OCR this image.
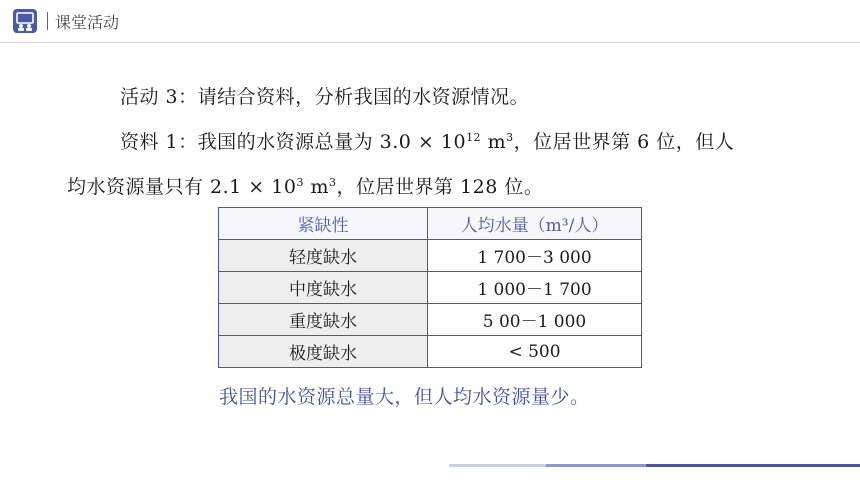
课堂活动
活动 3：请结合资料，分析我国的水资源情况。
资料 1：我国的水资源总量为 $3.0 \times 10^{12}$ $m^3$，位居世界第 6 位，但人
均水资源量只有 $2.1 \times 10^3$ $m^3$，位居世界第 128 位。
紧缺性	人均水量（m³/人）
轻度缺水	1 700－3 000
中度缺水	1 000－1 700
重度缺水	5 00－1 000
极度缺水	< 500
我国的水资源总量大，但人均水资源量少。
